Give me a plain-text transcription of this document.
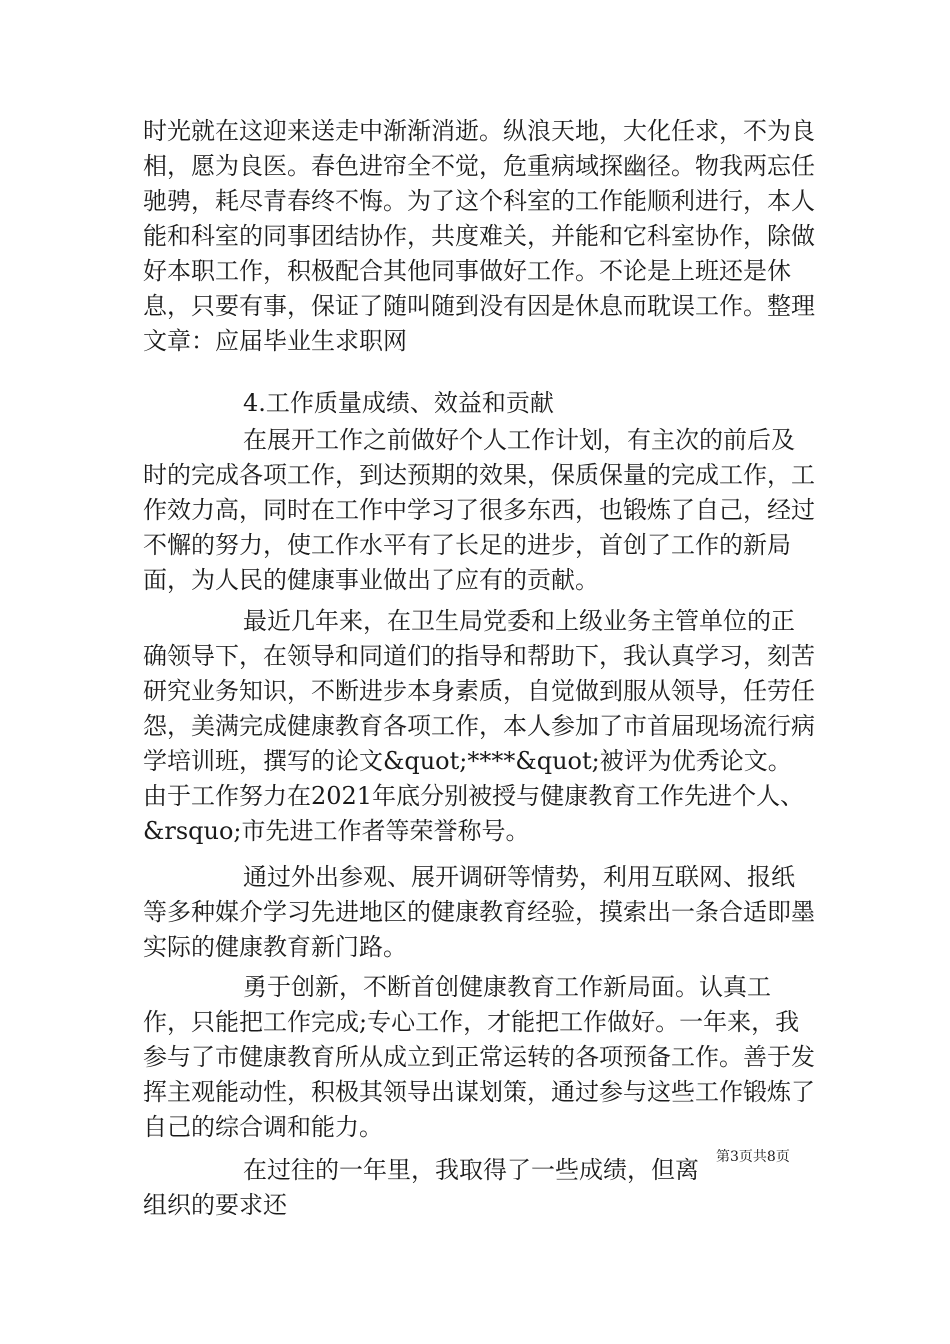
时光就在这迎来送走中渐渐消逝。纵浪天地，大化任求，不为良相，愿为良医。春色进帘全不觉，危重病域探幽径。物我两忘任驰骋，耗尽青春终不悔。为了这个科室的工作能顺利进行，本人能和科室的同事团结协作，共度难关，并能和它科室协作，除做好本职工作，积极配合其他同事做好工作。不论是上班还是休息，只要有事，保证了随叫随到没有因是休息而耽误工作。整理文章：应届毕业生求职网

4.工作质量成绩、效益和贡献

在展开工作之前做好个人工作计划，有主次的前后及时的完成各项工作，到达预期的效果，保质保量的完成工作，工作效力高，同时在工作中学习了很多东西，也锻炼了自己，经过不懈的努力，使工作水平有了长足的进步，首创了工作的新局面，为人民的健康事业做出了应有的贡献。

最近几年来，在卫生局党委和上级业务主管单位的正确领导下，在领导和同道们的指导和帮助下，我认真学习，刻苦研究业务知识，不断进步本身素质，自觉做到服从领导，任劳任怨，美满完成健康教育各项工作，本人参加了市首届现场流行病学培训班，撰写的论文&quot;****&quot;被评为优秀论文。由于工作努力在2021年底分别被授与健康教育工作先进个人、&rsquo;市先进工作者等荣誉称号。

通过外出参观、展开调研等情势，利用互联网、报纸等多种媒介学习先进地区的健康教育经验，摸索出一条合适即墨实际的健康教育新门路。

勇于创新，不断首创健康教育工作新局面。认真工作，只能把工作完成;专心工作，才能把工作做好。一年来，我参与了市健康教育所从成立到正常运转的各项预备工作。善于发挥主观能动性，积极其领导出谋划策，通过参与这些工作锻炼了自己的综合调和能力。

在过往的一年里，我取得了一些成绩，但离组织的要求还

第3页共8页
